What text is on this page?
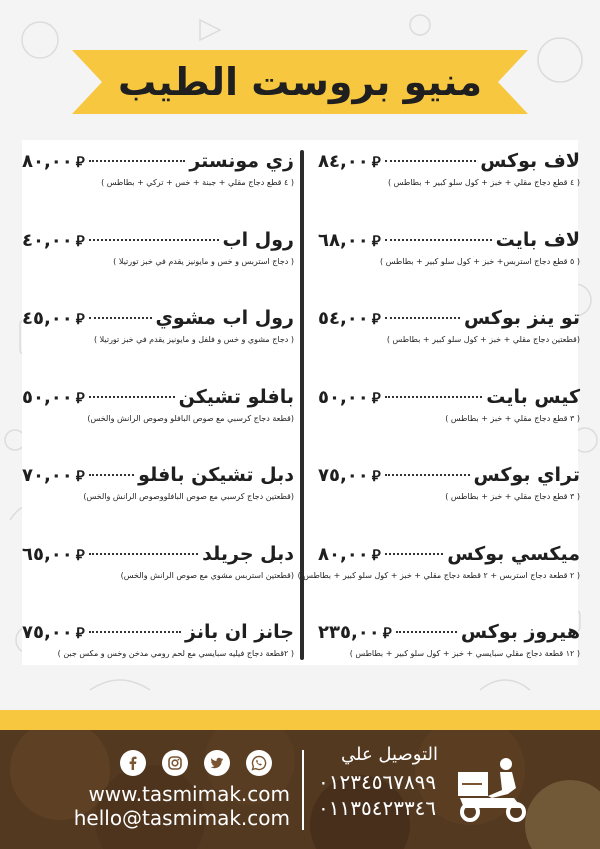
منيو بروست الطيب
لاف بوكس
٨٤,٠٠ ⃁
( ٤ قطع دجاج مقلي + خبز + كول سلو كبير + بطاطس )
لاف بايت
٦٨,٠٠ ⃁
( ٥ قطع دجاج استربس+ خبز + كول سلو كبير + بطاطس )
تو ينز بوكس
٥٤,٠٠ ⃁
(قطعتين دجاج مقلي + خبز + كول سلو كبير + بطاطس )
كيس بايت
٥٠,٠٠ ⃁
( ٣ قطع دجاج مقلي + خبز + بطاطس )
تراي بوكس
٧٥,٠٠ ⃁
( ٣ قطع دجاج مقلي + خبز + بطاطس )
ميكسي بوكس
٨٠,٠٠ ⃁
( ٢ قطعة دجاج استربس + ٢ قطعة دجاج مقلي + خبز + كول سلو كبير + بطاطس )
هيروز بوكس
٢٣٥,٠٠ ⃁
( ١٢ قطعة دجاج مقلي سبايسي + خبز + كول سلو كبير + بطاطس )
زي مونستر
٨٠,٠٠ ⃁
( ٤ قطع دجاج مقلي + جبنة + خس + تركي + بطاطس )
رول اب
٤٠,٠٠ ⃁
( دجاج استربس و خس و مايونيز يقدم في خبز تورتيلا )
رول اب مشوي
٤٥,٠٠ ⃁
( دجاج مشوي و خس و فلفل و مايونيز يقدم في خبز تورتيلا )
بافلو تشيكن
٥٠,٠٠ ⃁
(قطعة دجاج كرسبي مع صوص البافلو وصوص الرانش والخس)
دبل تشيكن بافلو
٧٠,٠٠ ⃁
(قطعتين دجاج كرسبي مع صوص البافلووصوص الرانش والخس)
دبل جريلد
٦٥,٠٠ ⃁
(قطعتين استربس مشوي مع صوص الرانش والخس)
جانز ان بانز
٧٥,٠٠ ⃁
( ٢قطعة دجاج فيليه سبايسي مع لحم رومي مدخن وخس و مكس جبن )
www.tasmimak.com
hello@tasmimak.com
التوصيل علي
٠١٢٣٤٥٦٧٨٩٩
٠١١٣٥٤٢٣٣٤٦
